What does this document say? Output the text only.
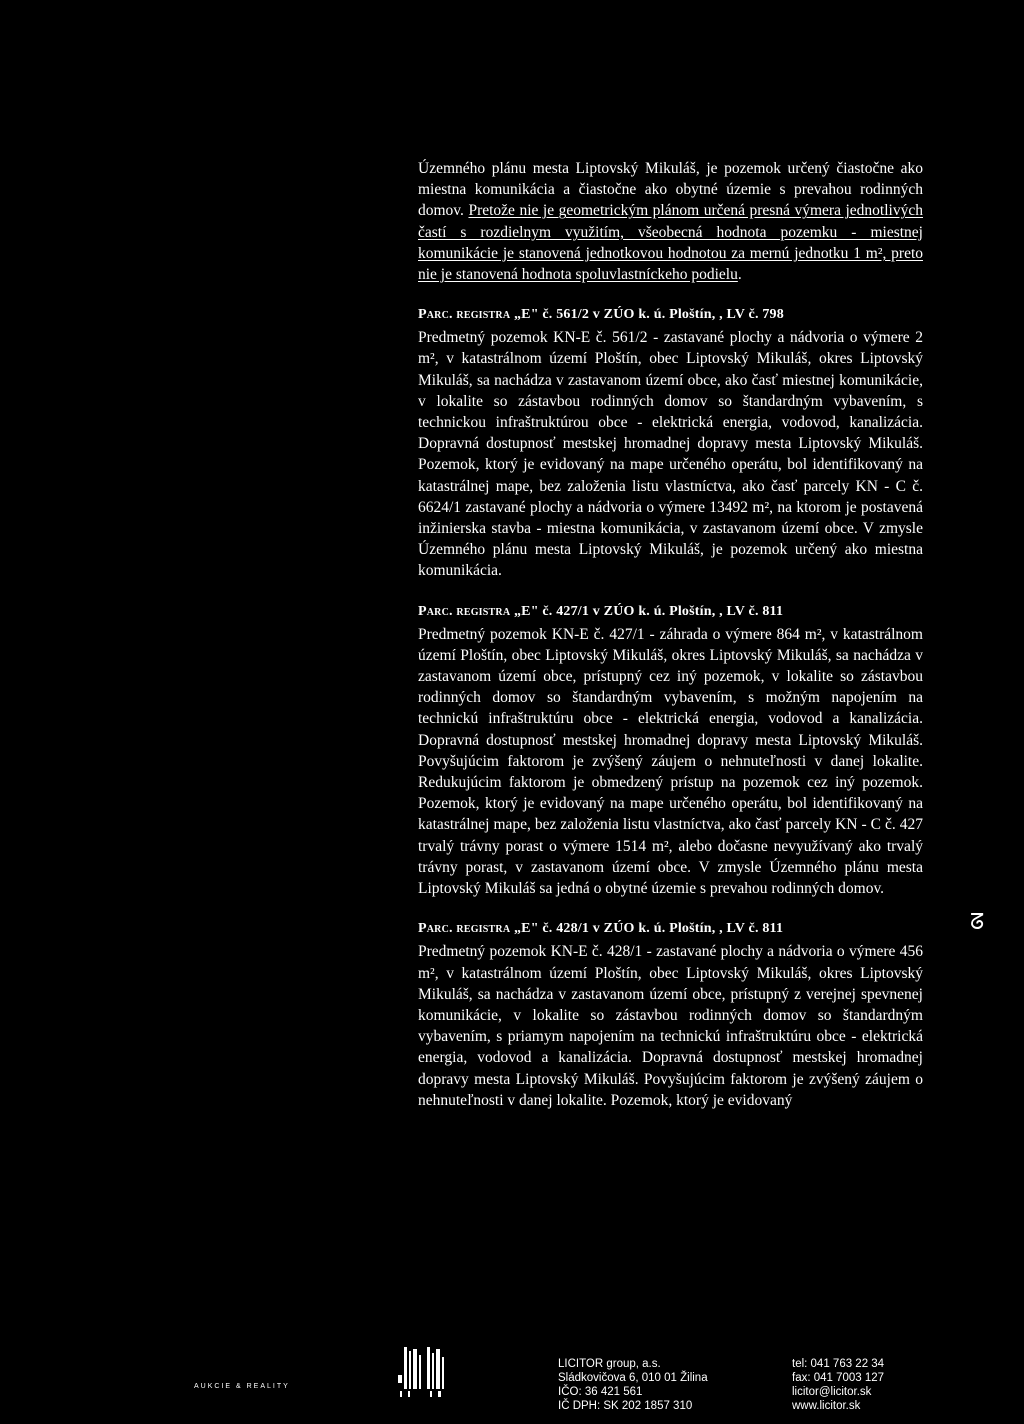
Územného plánu mesta Liptovský Mikuláš, je pozemok určený čiastočne ako miestna komunikácia a čiastočne ako obytné územie s prevahou rodinných domov. Pretože nie je geometrickým plánom určená presná výmera jednotlivých častí s rozdielnym využitím, všeobecná hodnota pozemku - miestnej komunikácie je stanovená jednotkovou hodnotou za mernú jednotku 1 m², preto nie je stanovená hodnota spoluvlastníckeho podielu.

Parc. registra „E" č. 561/2 v ZÚO k. ú. Ploštín, , LV č. 798

Predmetný pozemok KN-E č. 561/2 - zastavané plochy a nádvoria o výmere 2 m², v katastrálnom území Ploštín, obec Liptovský Mikuláš, okres Liptovský Mikuláš, sa nachádza v zastavanom území obce, ako časť miestnej komunikácie, v lokalite so zástavbou rodinných domov so štandardným vybavením, s technickou infraštruktúrou obce - elektrická energia, vodovod, kanalizácia. Dopravná dostupnosť mestskej hromadnej dopravy mesta Liptovský Mikuláš. Pozemok, ktorý je evidovaný na mape určeného operátu, bol identifikovaný na katastrálnej mape, bez založenia listu vlastníctva, ako časť parcely KN - C č. 6624/1 zastavané plochy a nádvoria o výmere 13492 m², na ktorom je postavená inžinierska stavba - miestna komunikácia, v zastavanom území obce. V zmysle Územného plánu mesta Liptovský Mikuláš, je pozemok určený ako miestna komunikácia.

Parc. registra „E" č. 427/1 v ZÚO k. ú. Ploštín, , LV č. 811

Predmetný pozemok KN-E č. 427/1 - záhrada o výmere 864 m², v katastrálnom území Ploštín, obec Liptovský Mikuláš, okres Liptovský Mikuláš, sa nachádza v zastavanom území obce, prístupný cez iný pozemok, v lokalite so zástavbou rodinných domov so štandardným vybavením, s možným napojením na technickú infraštruktúru obce - elektrická energia, vodovod a kanalizácia. Dopravná dostupnosť mestskej hromadnej dopravy mesta Liptovský Mikuláš. Povyšujúcim faktorom je zvýšený záujem o nehnuteľnosti v danej lokalite. Redukujúcim faktorom je obmedzený prístup na pozemok cez iný pozemok. Pozemok, ktorý je evidovaný na mape určeného operátu, bol identifikovaný na katastrálnej mape, bez založenia listu vlastníctva, ako časť parcely KN - C č. 427 trvalý trávny porast o výmere 1514 m², alebo dočasne nevyužívaný ako trvalý trávny porast, v zastavanom území obce. V zmysle Územného plánu mesta Liptovský Mikuláš sa jedná o obytné územie s prevahou rodinných domov.

Parc. registra „E" č. 428/1 v ZÚO k. ú. Ploštín, , LV č. 811

Predmetný pozemok KN-E č. 428/1 - zastavané plochy a nádvoria o výmere 456 m², v katastrálnom území Ploštín, obec Liptovský Mikuláš, okres Liptovský Mikuláš, sa nachádza v zastavanom území obce, prístupný z verejnej spevnenej komunikácie, v lokalite so zástavbou rodinných domov so štandardným vybavením, s priamym napojením na technickú infraštruktúru obce - elektrická energia, vodovod a kanalizácia. Dopravná dostupnosť mestskej hromadnej dopravy mesta Liptovský Mikuláš. Povyšujúcim faktorom je zvýšený záujem o nehnuteľnosti v danej lokalite. Pozemok, ktorý je evidovaný

ᘔ
AUKCIE & REALITY
LICITOR group, a.s.
Sládkovičova 6, 010 01 Žilina
IČO: 36 421 561
IČ DPH: SK 202 1857 310
tel: 041 763 22 34
fax: 041 7003 127
licitor@licitor.sk
www.licitor.sk
